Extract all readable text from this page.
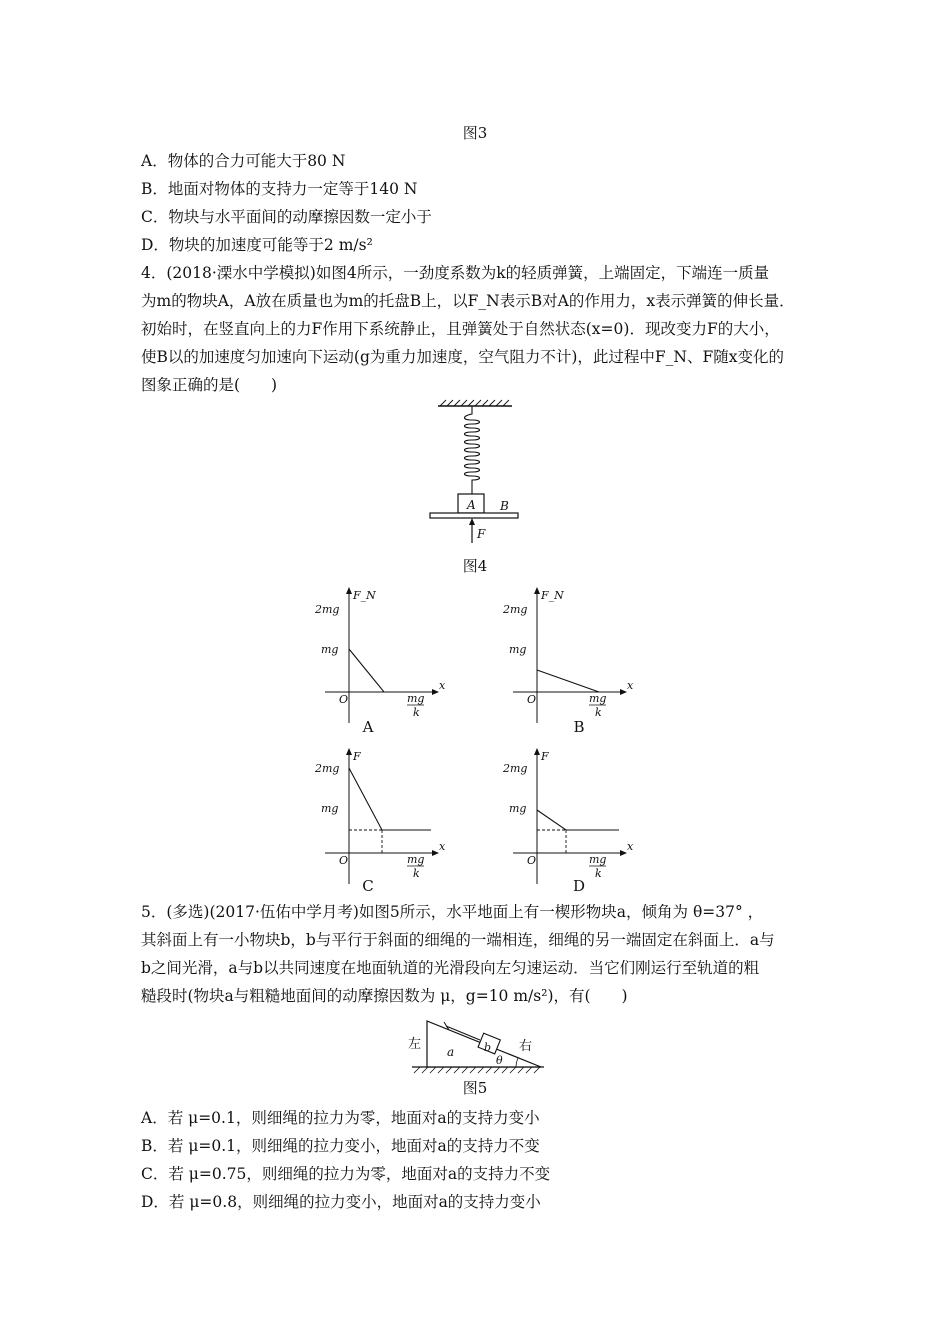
图3
A．物体的合力可能大于80 N
B．地面对物体的支持力一定等于140 N
C．物块与水平面间的动摩擦因数一定小于
D．物块的加速度可能等于2 m/s²
4．(2018·溧水中学模拟)如图4所示，一劲度系数为k的轻质弹簧，上端固定，下端连一质量
为m的物块A，A放在质量也为m的托盘B上，以F_N表示B对A的作用力，x表示弹簧的伸长量．
初始时，在竖直向上的力F作用下系统静止，且弹簧处于自然状态(x=0)．现改变力F的大小，
使B以的加速度匀加速向下运动(g为重力加速度，空气阻力不计)，此过程中F_N、F随x变化的
图象正确的是(　　)
A B
F
图4
F_N
2mg
mg
O
x
mg
k
A
F_N
2mg
mg
O
x
mg
k
B
F
2mg
mg
O
x
mg
k
C
F
2mg
mg
O
x
mg
k
D
5．(多选)(2017·伍佑中学月考)如图5所示，水平地面上有一楔形物块a，倾角为 θ=37° ，
其斜面上有一小物块b，b与平行于斜面的细绳的一端相连，细绳的另一端固定在斜面上．a与
b之间光滑，a与b以共同速度在地面轨道的光滑段向左匀速运动．当它们刚运行至轨道的粗
糙段时(物块a与粗糙地面间的动摩擦因数为 μ，g=10 m/s²)，有(　　)
b
a
θ
左	右
图5
A．若 μ=0.1，则细绳的拉力为零，地面对a的支持力变小
B．若 μ=0.1，则细绳的拉力变小，地面对a的支持力不变
C．若 μ=0.75，则细绳的拉力为零，地面对a的支持力不变
D．若 μ=0.8，则细绳的拉力变小，地面对a的支持力变小
